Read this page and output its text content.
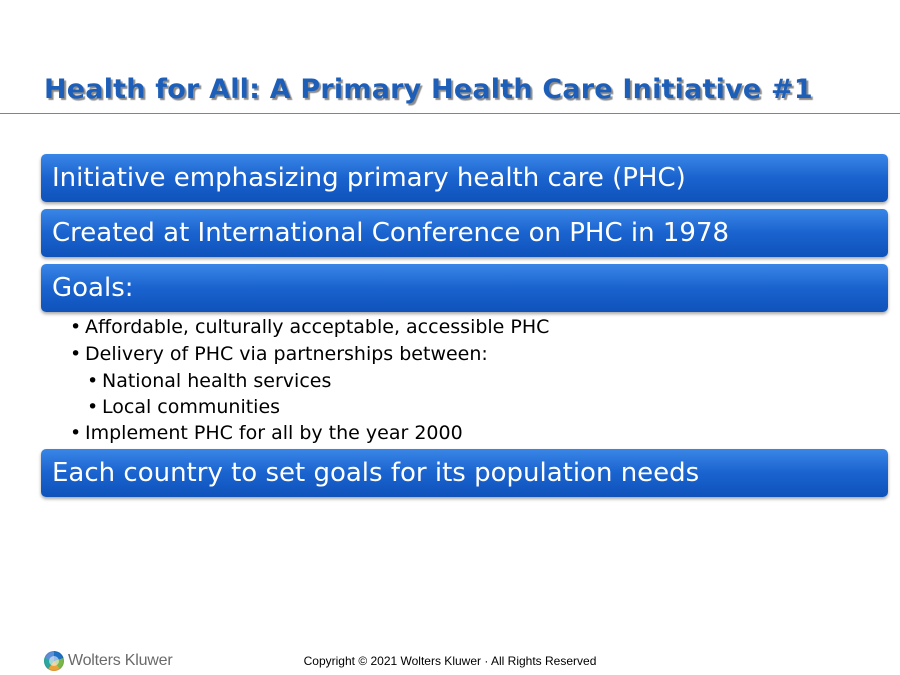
Health for All: A Primary Health Care Initiative #1
Initiative emphasizing primary health care (PHC)
Created at International Conference on PHC in 1978
Goals:
• Affordable, culturally acceptable, accessible PHC
• Delivery of PHC via partnerships between:
• National health services
• Local communities
• Implement PHC for all by the year 2000
Each country to set goals for its population needs
Wolters Kluwer	Copyright © 2021 Wolters Kluwer · All Rights Reserved
